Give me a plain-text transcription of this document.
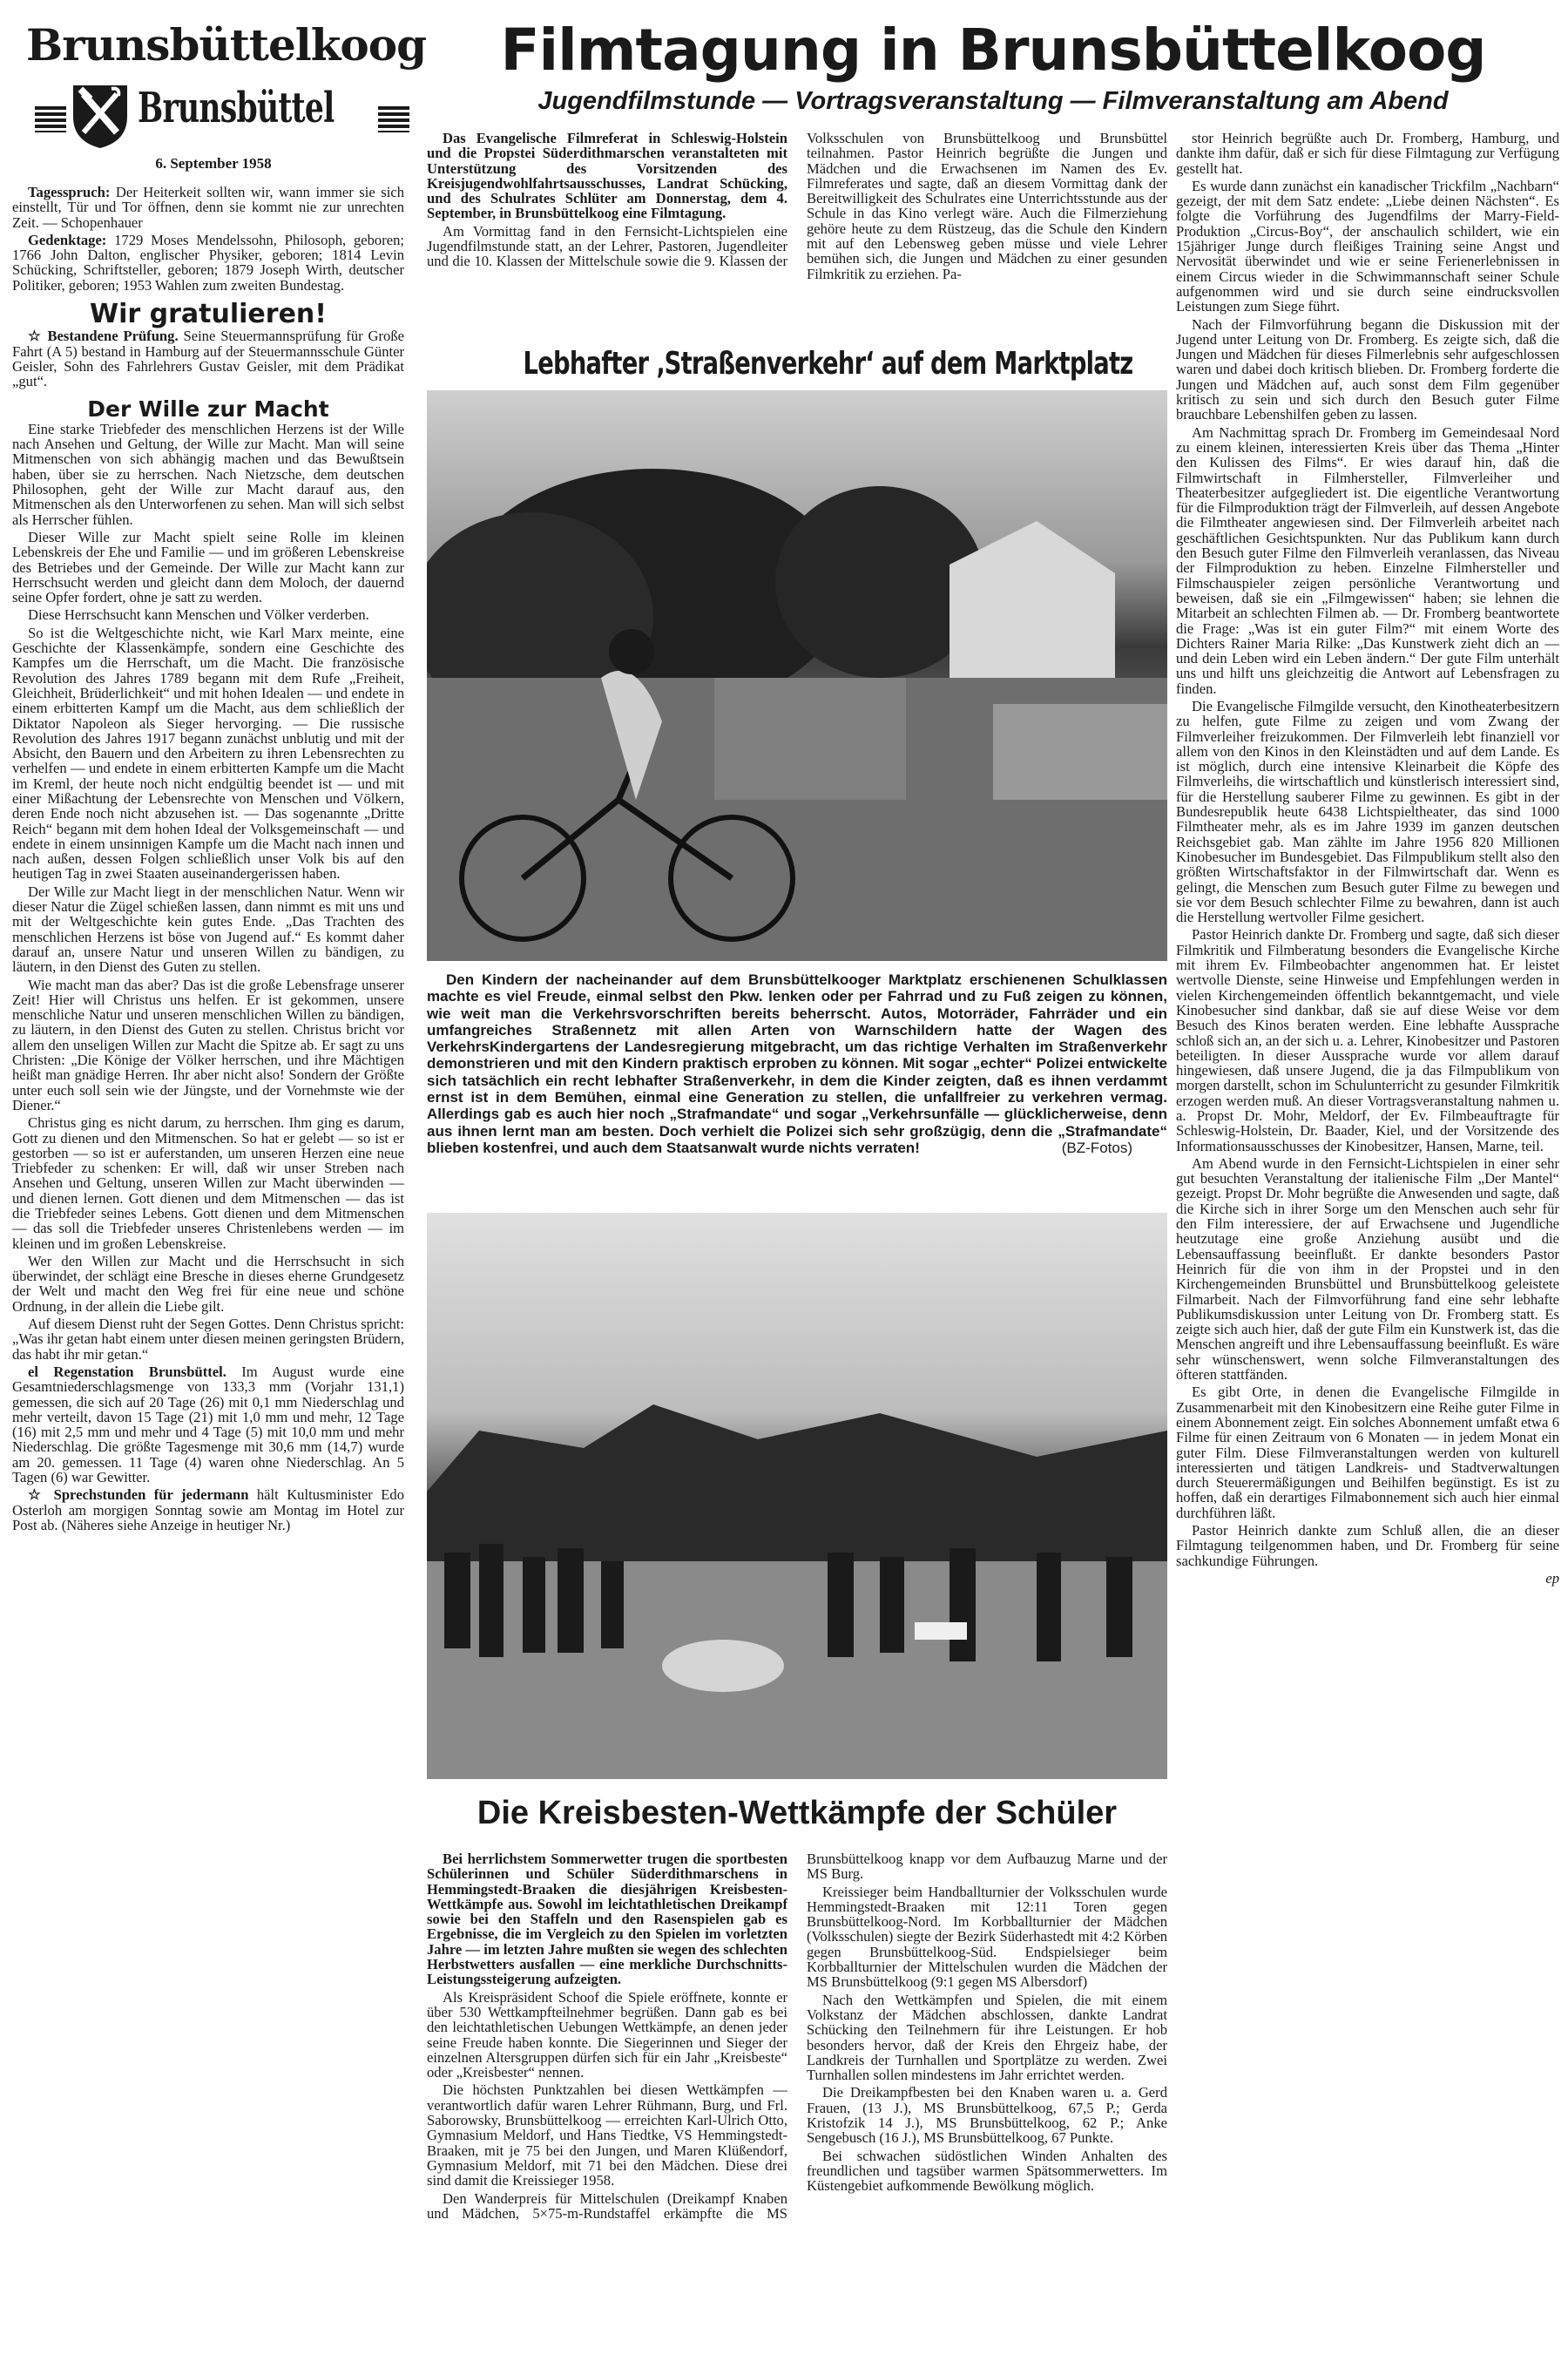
Brunsbüttelkoog
Brunsbüttel
6. September 1958

Tagesspruch: Der Heiterkeit sollten wir, wann immer sie sich einstellt, Tür und Tor öffnen, denn sie kommt nie zur unrechten Zeit. — Schopenhauer

Gedenktage: 1729 Moses Mendelssohn, Philosoph, geboren; 1766 John Dalton, englischer Physiker, geboren; 1814 Levin Schücking, Schriftsteller, geboren; 1879 Joseph Wirth, deutscher Politiker, geboren; 1953 Wahlen zum zweiten Bundestag.

Wir gratulieren!

☆ Bestandene Prüfung. Seine Steuermannsprüfung für Große Fahrt (A 5) bestand in Hamburg auf der Steuermannsschule Günter Geisler, Sohn des Fahrlehrers Gustav Geisler, mit dem Prädikat „gut“.

Der Wille zur Macht

Eine starke Triebfeder des menschlichen Herzens ist der Wille nach Ansehen und Geltung, der Wille zur Macht. Man will seine Mitmenschen von sich abhängig machen und das Bewußtsein haben, über sie zu herrschen. Nach Nietzsche, dem deutschen Philosophen, geht der Wille zur Macht darauf aus, den Mitmenschen als den Unterworfenen zu sehen. Man will sich selbst als Herrscher fühlen.

Dieser Wille zur Macht spielt seine Rolle im kleinen Lebenskreis der Ehe und Familie — und im größeren Lebenskreise des Betriebes und der Gemeinde. Der Wille zur Macht kann zur Herrschsucht werden und gleicht dann dem Moloch, der dauernd seine Opfer fordert, ohne je satt zu werden.

Diese Herrschsucht kann Menschen und Völker verderben.

So ist die Weltgeschichte nicht, wie Karl Marx meinte, eine Geschichte der Klassenkämpfe, sondern eine Geschichte des Kampfes um die Herrschaft, um die Macht. Die französische Revolution des Jahres 1789 begann mit dem Rufe „Freiheit, Gleichheit, Brüderlichkeit“ und mit hohen Idealen — und endete in einem erbitterten Kampf um die Macht, aus dem schließlich der Diktator Napoleon als Sieger hervorging. — Die russische Revolution des Jahres 1917 begann zunächst unblutig und mit der Absicht, den Bauern und den Arbeitern zu ihren Lebensrechten zu verhelfen — und endete in einem erbitterten Kampfe um die Macht im Kreml, der heute noch nicht endgültig beendet ist — und mit einer Mißachtung der Lebensrechte von Menschen und Völkern, deren Ende noch nicht abzusehen ist. — Das sogenannte „Dritte Reich“ begann mit dem hohen Ideal der Volksgemeinschaft — und endete in einem unsinnigen Kampfe um die Macht nach innen und nach außen, dessen Folgen schließlich unser Volk bis auf den heutigen Tag in zwei Staaten auseinandergerissen haben.

Der Wille zur Macht liegt in der menschlichen Natur. Wenn wir dieser Natur die Zügel schießen lassen, dann nimmt es mit uns und mit der Weltgeschichte kein gutes Ende. „Das Trachten des menschlichen Herzens ist böse von Jugend auf.“ Es kommt daher darauf an, unsere Natur und unseren Willen zu bändigen, zu läutern, in den Dienst des Guten zu stellen.

Wie macht man das aber? Das ist die große Lebensfrage unserer Zeit! Hier will Christus uns helfen. Er ist gekommen, unsere menschliche Natur und unseren menschlichen Willen zu bändigen, zu läutern, in den Dienst des Guten zu stellen. Christus bricht vor allem den unseligen Willen zur Macht die Spitze ab. Er sagt zu uns Christen: „Die Könige der Völker herrschen, und ihre Mächtigen heißt man gnädige Herren. Ihr aber nicht also! Sondern der Größte unter euch soll sein wie der Jüngste, und der Vornehmste wie der Diener.“

Christus ging es nicht darum, zu herrschen. Ihm ging es darum, Gott zu dienen und den Mitmenschen. So hat er gelebt — so ist er gestorben — so ist er auferstanden, um unseren Herzen eine neue Triebfeder zu schenken: Er will, daß wir unser Streben nach Ansehen und Geltung, unseren Willen zur Macht überwinden — und dienen lernen. Gott dienen und dem Mitmenschen — das ist die Triebfeder seines Lebens. Gott dienen und dem Mitmenschen — das soll die Triebfeder unseres Christenlebens werden — im kleinen und im großen Lebenskreise.

Wer den Willen zur Macht und die Herrschsucht in sich überwindet, der schlägt eine Bresche in dieses eherne Grundgesetz der Welt und macht den Weg frei für eine neue und schöne Ordnung, in der allein die Liebe gilt.

Auf diesem Dienst ruht der Segen Gottes. Denn Christus spricht: „Was ihr getan habt einem unter diesen meinen geringsten Brüdern, das habt ihr mir getan.“

el Regenstation Brunsbüttel. Im August wurde eine Gesamtniederschlagsmenge von 133,3 mm (Vorjahr 131,1) gemessen, die sich auf 20 Tage (26) mit 0,1 mm Niederschlag und mehr verteilt, davon 15 Tage (21) mit 1,0 mm und mehr, 12 Tage (16) mit 2,5 mm und mehr und 4 Tage (5) mit 10,0 mm und mehr Niederschlag. Die größte Tagesmenge mit 30,6 mm (14,7) wurde am 20. gemessen. 11 Tage (4) waren ohne Niederschlag. An 5 Tagen (6) war Gewitter.

☆ Sprechstunden für jedermann hält Kultusminister Edo Osterloh am morgigen Sonntag sowie am Montag im Hotel zur Post ab. (Näheres siehe Anzeige in heutiger Nr.)

Filmtagung in Brunsbüttelkoog
Jugendfilmstunde — Vortragsveranstaltung — Filmveranstaltung am Abend

Das Evangelische Filmreferat in Schleswig-Holstein und die Propstei Süderdithmarschen veranstalteten mit Unterstützung des Vorsitzenden des Kreisjugendwohlfahrtsausschusses, Landrat Schücking, und des Schulrates Schlüter am Donnerstag, dem 4. September, in Brunsbüttelkoog eine Filmtagung.

Am Vormittag fand in den Fernsicht-Lichtspielen eine Jugendfilmstunde statt, an der Lehrer, Pastoren, Jugendleiter und die 10. Klassen der Mittelschule sowie die 9. Klassen der Volksschulen von Brunsbüttelkoog und Brunsbüttel teilnahmen. Pastor Heinrich begrüßte die Jungen und Mädchen und die Erwachsenen im Namen des Ev. Filmreferates und sagte, daß an diesem Vormittag dank der Bereitwilligkeit des Schulrates eine Unterrichtsstunde aus der Schule in das Kino verlegt wäre. Auch die Filmerziehung gehöre heute zu dem Rüstzeug, das die Schule den Kindern mit auf den Lebensweg geben müsse und viele Lehrer bemühen sich, die Jungen und Mädchen zu einer gesunden Filmkritik zu erziehen. Pa-

Lebhafter ‚Straßenverkehr‘ auf dem Marktplatz

Den Kindern der nacheinander auf dem Brunsbüttelkooger Marktplatz erschienenen Schulklassen machte es viel Freude, einmal selbst den Pkw. lenken oder per Fahrrad und zu Fuß zeigen zu können, wie weit man die Verkehrsvorschriften bereits beherrscht. Autos, Motorräder, Fahrräder und ein umfangreiches Straßennetz mit allen Arten von Warnschildern hatte der Wagen des VerkehrsKindergartens der Landesregierung mitgebracht, um das richtige Verhalten im Straßenverkehr demonstrieren und mit den Kindern praktisch erproben zu können. Mit sogar „echter“ Polizei entwickelte sich tatsächlich ein recht lebhafter Straßenverkehr, in dem die Kinder zeigten, daß es ihnen verdammt ernst ist in dem Bemühen, einmal eine Generation zu stellen, die unfallfreier zu verkehren vermag. Allerdings gab es auch hier noch „Strafmandate“ und sogar „Verkehrsunfälle — glücklicherweise, denn aus ihnen lernt man am besten. Doch verhielt die Polizei sich sehr großzügig, denn die „Strafmandate“ blieben kostenfrei, und auch dem Staatsanwalt wurde nichts verraten!	(BZ-Fotos)
Die Kreisbesten-Wettkämpfe der Schüler

Bei herrlichstem Sommerwetter trugen die sportbesten Schülerinnen und Schüler Süderdithmarschens in Hemmingstedt-Braaken die diesjährigen Kreisbesten-Wettkämpfe aus. Sowohl im leichtathletischen Dreikampf sowie bei den Staffeln und den Rasenspielen gab es Ergebnisse, die im Vergleich zu den Spielen im vorletzten Jahre — im letzten Jahre mußten sie wegen des schlechten Herbstwetters ausfallen — eine merkliche Durchschnitts-Leistungssteigerung aufzeigten.

Als Kreispräsident Schoof die Spiele eröffnete, konnte er über 530 Wettkampfteilnehmer begrüßen. Dann gab es bei den leichtathletischen Uebungen Wettkämpfe, an denen jeder seine Freude haben konnte. Die Siegerinnen und Sieger der einzelnen Altersgruppen dürfen sich für ein Jahr „Kreisbeste“ oder „Kreisbester“ nennen.

Die höchsten Punktzahlen bei diesen Wettkämpfen — verantwortlich dafür waren Lehrer Rühmann, Burg, und Frl. Saborowsky, Brunsbüttelkoog — erreichten Karl-Ulrich Otto, Gymnasium Meldorf, und Hans Tiedtke, VS Hemmingstedt-Braaken, mit je 75 bei den Jungen, und Maren Klüßendorf, Gymnasium Meldorf, mit 71 bei den Mädchen. Diese drei sind damit die Kreissieger 1958.

Den Wanderpreis für Mittelschulen (Dreikampf Knaben und Mädchen, 5×75-m-Rundstaffel erkämpfte die MS Brunsbüttelkoog knapp vor dem Aufbauzug Marne und der MS Burg.

Kreissieger beim Handballturnier der Volksschulen wurde Hemmingstedt-Braaken mit 12:11 Toren gegen Brunsbüttelkoog-Nord. Im Korbballturnier der Mädchen (Volksschulen) siegte der Bezirk Süderhastedt mit 4:2 Körben gegen Brunsbüttelkoog-Süd. Endspielsieger beim Korbballturnier der Mittelschulen wurden die Mädchen der MS Brunsbüttelkoog (9:1 gegen MS Albersdorf)

Nach den Wettkämpfen und Spielen, die mit einem Volkstanz der Mädchen abschlossen, dankte Landrat Schücking den Teilnehmern für ihre Leistungen. Er hob besonders hervor, daß der Kreis den Ehrgeiz habe, der Landkreis der Turnhallen und Sportplätze zu werden. Zwei Turnhallen sollen mindestens im Jahr errichtet werden.

Die Dreikampfbesten bei den Knaben waren u. a. Gerd Frauen, (13 J.), MS Brunsbüttelkoog, 67,5 P.; Gerda Kristofzik 14 J.), MS Brunsbüttelkoog, 62 P.; Anke Sengebusch (16 J.), MS Brunsbüttelkoog, 67 Punkte.

Bei schwachen südöstlichen Winden Anhalten des freundlichen und tagsüber warmen Spätsommerwetters. Im Küstengebiet aufkommende Bewölkung möglich.

stor Heinrich begrüßte auch Dr. Fromberg, Hamburg, und dankte ihm dafür, daß er sich für diese Filmtagung zur Verfügung gestellt hat.

Es wurde dann zunächst ein kanadischer Trickfilm „Nachbarn“ gezeigt, der mit dem Satz endete: „Liebe deinen Nächsten“. Es folgte die Vorführung des Jugendfilms der Marry-Field-Produktion „Circus-Boy“, der anschaulich schildert, wie ein 15jähriger Junge durch fleißiges Training seine Angst und Nervosität überwindet und wie er seine Ferienerlebnissen in einem Circus wieder in die Schwimmannschaft seiner Schule aufgenommen wird und sie durch seine eindrucksvollen Leistungen zum Siege führt.

Nach der Filmvorführung begann die Diskussion mit der Jugend unter Leitung von Dr. Fromberg. Es zeigte sich, daß die Jungen und Mädchen für dieses Filmerlebnis sehr aufgeschlossen waren und dabei doch kritisch blieben. Dr. Fromberg forderte die Jungen und Mädchen auf, auch sonst dem Film gegenüber kritisch zu sein und sich durch den Besuch guter Filme brauchbare Lebenshilfen geben zu lassen.

Am Nachmittag sprach Dr. Fromberg im Gemeindesaal Nord zu einem kleinen, interessierten Kreis über das Thema „Hinter den Kulissen des Films“. Er wies darauf hin, daß die Filmwirtschaft in Filmhersteller, Filmverleiher und Theaterbesitzer aufgegliedert ist. Die eigentliche Verantwortung für die Filmproduktion trägt der Filmverleih, auf dessen Angebote die Filmtheater angewiesen sind. Der Filmverleih arbeitet nach geschäftlichen Gesichtspunkten. Nur das Publikum kann durch den Besuch guter Filme den Filmverleih veranlassen, das Niveau der Filmproduktion zu heben. Einzelne Filmhersteller und Filmschauspieler zeigen persönliche Verantwortung und beweisen, daß sie ein „Filmgewissen“ haben; sie lehnen die Mitarbeit an schlechten Filmen ab. — Dr. Fromberg beantwortete die Frage: „Was ist ein guter Film?“ mit einem Worte des Dichters Rainer Maria Rilke: „Das Kunstwerk zieht dich an — und dein Leben wird ein Leben ändern.“ Der gute Film unterhält uns und hilft uns gleichzeitig die Antwort auf Lebensfragen zu finden.

Die Evangelische Filmgilde versucht, den Kinotheaterbesitzern zu helfen, gute Filme zu zeigen und vom Zwang der Filmverleiher freizukommen. Der Filmverleih lebt finanziell vor allem von den Kinos in den Kleinstädten und auf dem Lande. Es ist möglich, durch eine intensive Kleinarbeit die Köpfe des Filmverleihs, die wirtschaftlich und künstlerisch interessiert sind, für die Herstellung sauberer Filme zu gewinnen. Es gibt in der Bundesrepublik heute 6438 Lichtspieltheater, das sind 1000 Filmtheater mehr, als es im Jahre 1939 im ganzen deutschen Reichsgebiet gab. Man zählte im Jahre 1956 820 Millionen Kinobesucher im Bundesgebiet. Das Filmpublikum stellt also den größten Wirtschaftsfaktor in der Filmwirtschaft dar. Wenn es gelingt, die Menschen zum Besuch guter Filme zu bewegen und sie vor dem Besuch schlechter Filme zu bewahren, dann ist auch die Herstellung wertvoller Filme gesichert.

Pastor Heinrich dankte Dr. Fromberg und sagte, daß sich dieser Filmkritik und Filmberatung besonders die Evangelische Kirche mit ihrem Ev. Filmbeobachter angenommen hat. Er leistet wertvolle Dienste, seine Hinweise und Empfehlungen werden in vielen Kirchengemeinden öffentlich bekanntgemacht, und viele Kinobesucher sind dankbar, daß sie auf diese Weise vor dem Besuch des Kinos beraten werden. Eine lebhafte Aussprache schloß sich an, an der sich u. a. Lehrer, Kinobesitzer und Pastoren beteiligten. In dieser Aussprache wurde vor allem darauf hingewiesen, daß unsere Jugend, die ja das Filmpublikum von morgen darstellt, schon im Schulunterricht zu gesunder Filmkritik erzogen werden muß. An dieser Vortragsveranstaltung nahmen u. a. Propst Dr. Mohr, Meldorf, der Ev. Filmbeauftragte für Schleswig-Holstein, Dr. Baader, Kiel, und der Vorsitzende des Informationsausschusses der Kinobesitzer, Hansen, Marne, teil.

Am Abend wurde in den Fernsicht-Lichtspielen in einer sehr gut besuchten Veranstaltung der italienische Film „Der Mantel“ gezeigt. Propst Dr. Mohr begrüßte die Anwesenden und sagte, daß die Kirche sich in ihrer Sorge um den Menschen auch sehr für den Film interessiere, der auf Erwachsene und Jugendliche heutzutage eine große Anziehung ausübt und die Lebensauffassung beeinflußt. Er dankte besonders Pastor Heinrich für die von ihm in der Propstei und in den Kirchengemeinden Brunsbüttel und Brunsbüttelkoog geleistete Filmarbeit. Nach der Filmvorführung fand eine sehr lebhafte Publikumsdiskussion unter Leitung von Dr. Fromberg statt. Es zeigte sich auch hier, daß der gute Film ein Kunstwerk ist, das die Menschen angreift und ihre Lebensauffassung beeinflußt. Es wäre sehr wünschenswert, wenn solche Filmveranstaltungen des öfteren stattfänden.

Es gibt Orte, in denen die Evangelische Filmgilde in Zusammenarbeit mit den Kinobesitzern eine Reihe guter Filme in einem Abonnement zeigt. Ein solches Abonnement umfaßt etwa 6 Filme für einen Zeitraum von 6 Monaten — in jedem Monat ein guter Film. Diese Filmveranstaltungen werden von kulturell interessierten und tätigen Landkreis- und Stadtverwaltungen durch Steuerermäßigungen und Beihilfen begünstigt. Es ist zu hoffen, daß ein derartiges Filmabonnement sich auch hier einmal durchführen läßt.

Pastor Heinrich dankte zum Schluß allen, die an dieser Filmtagung teilgenommen haben, und Dr. Fromberg für seine sachkundige Führungen.

ep
